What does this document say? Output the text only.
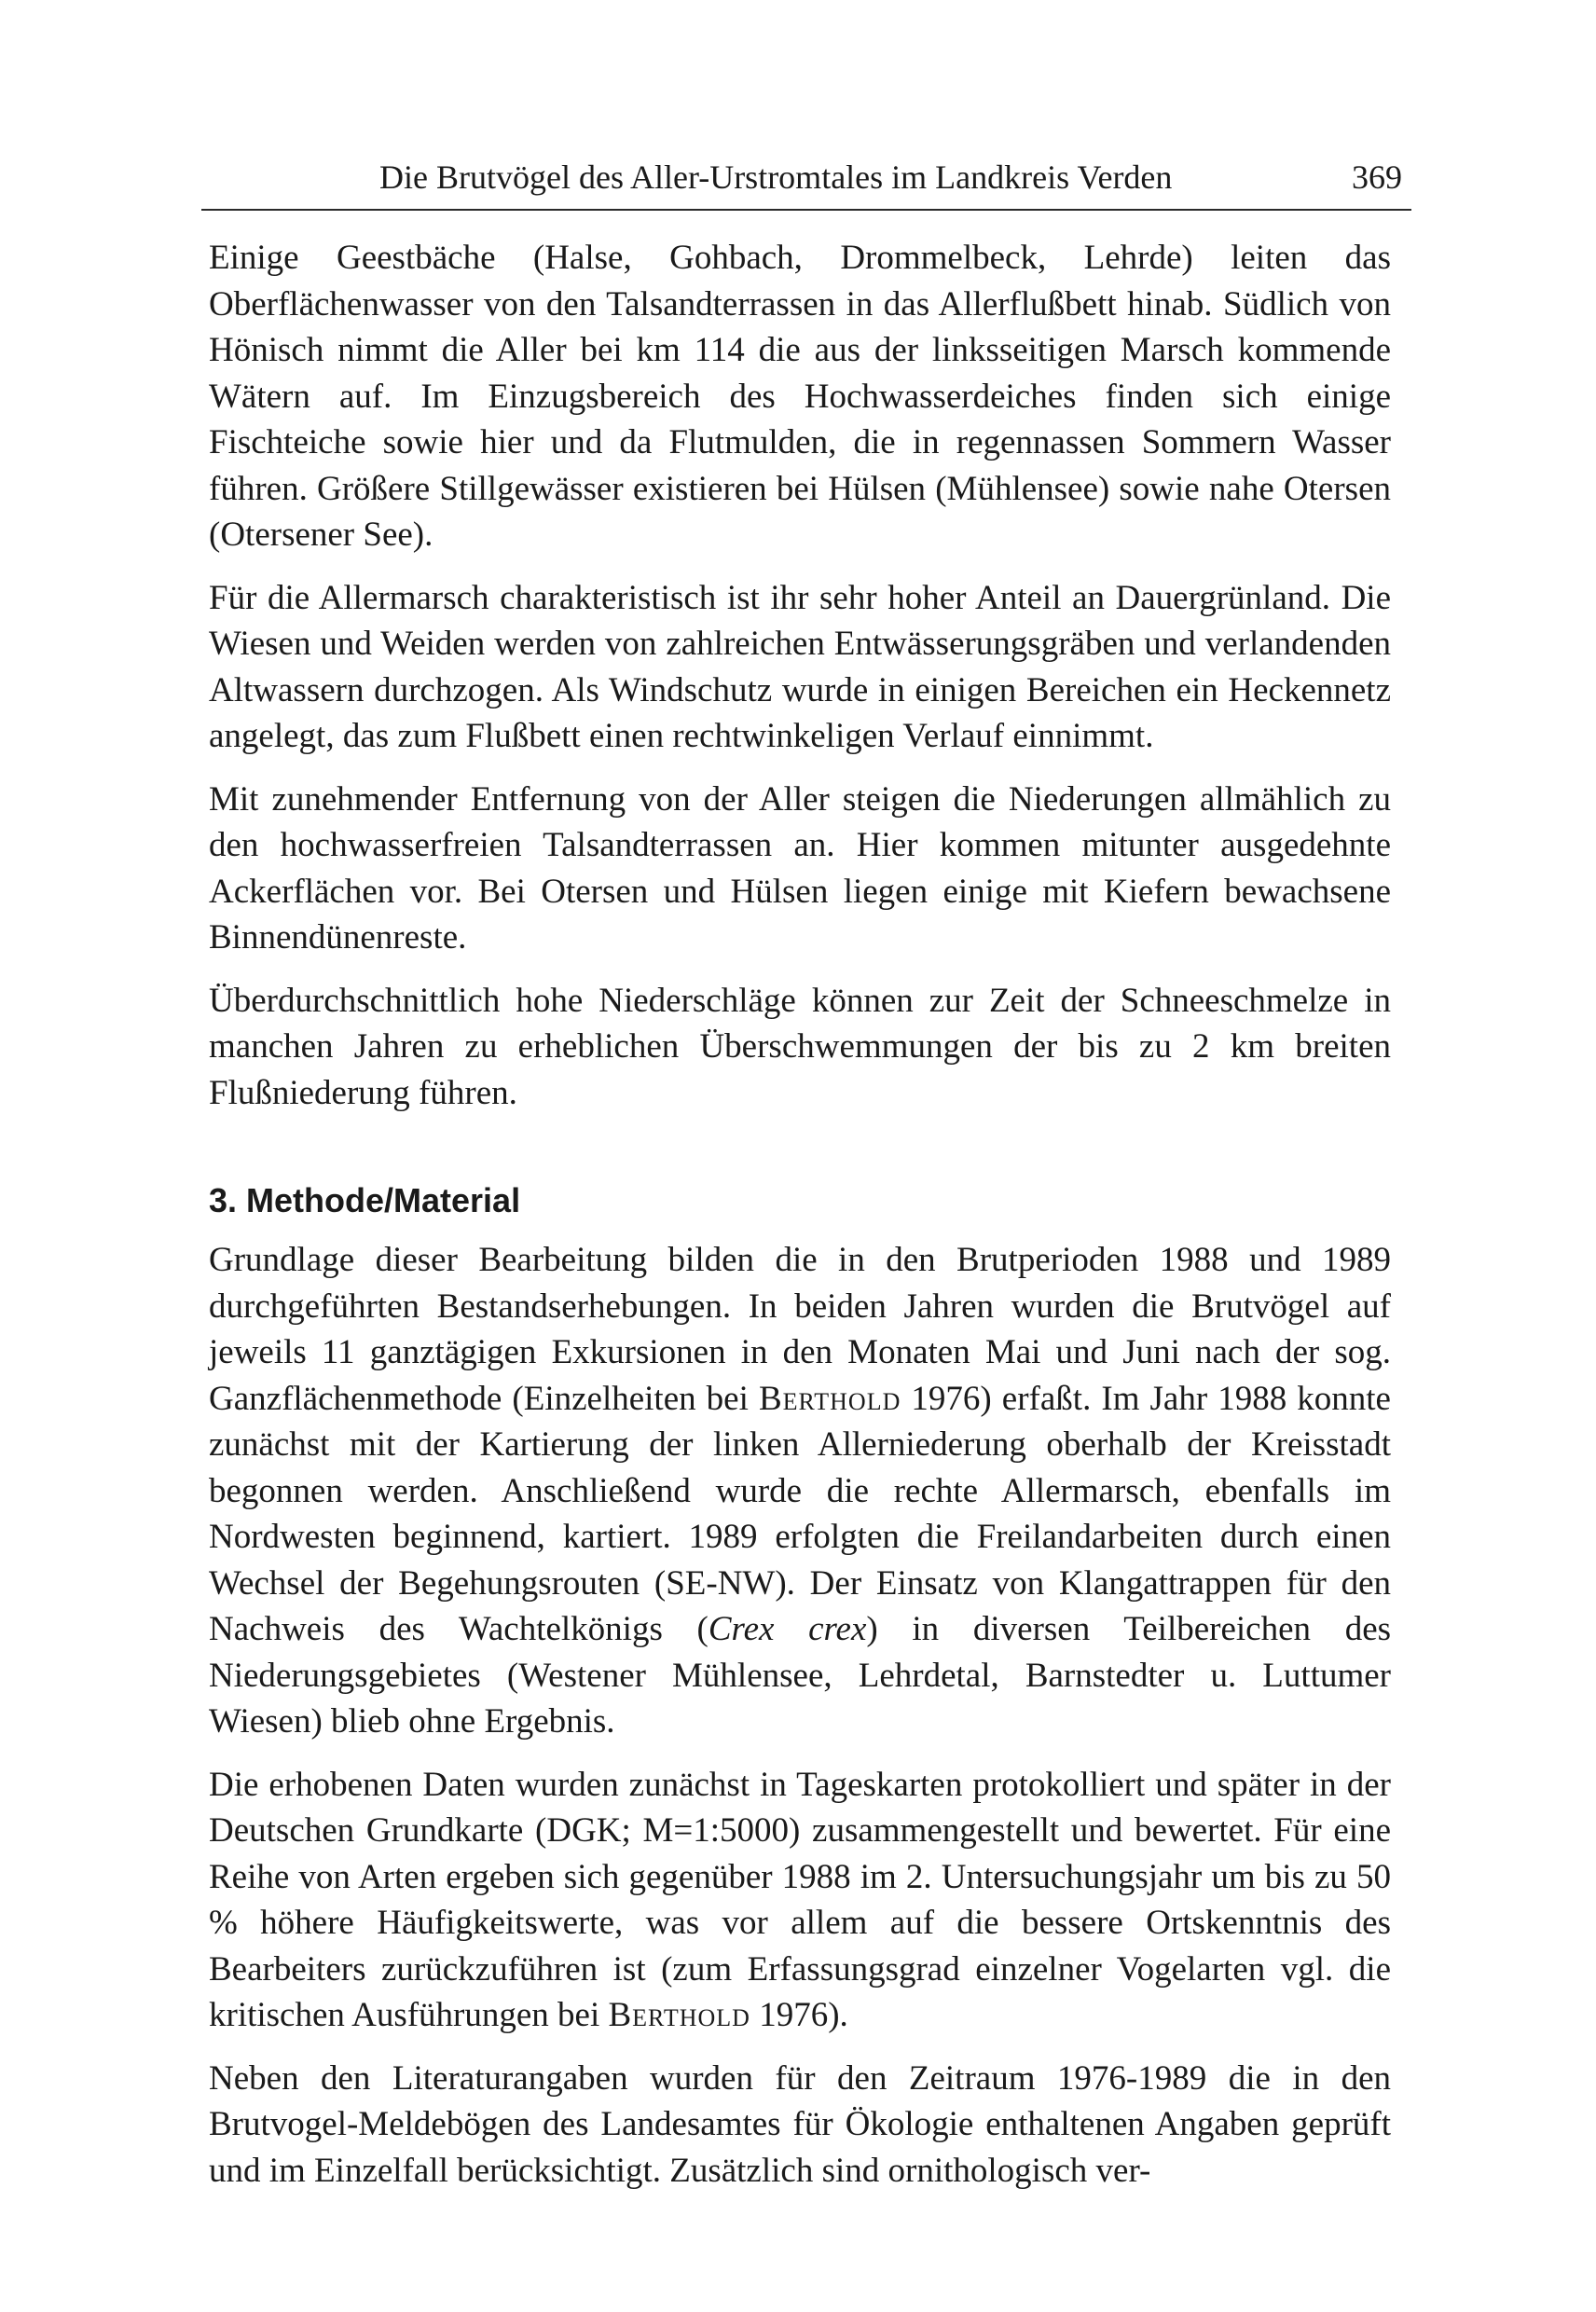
Die Brutvögel des Aller-Urstromtales im Landkreis Verden	369

Einige Geestbäche (Halse, Gohbach, Drommelbeck, Lehrde) leiten das Oberflächenwasser von den Talsandterrassen in das Allerflußbett hinab. Südlich von Hönisch nimmt die Aller bei km 114 die aus der linksseitigen Marsch kommende Wätern auf. Im Einzugsbereich des Hochwasserdeiches finden sich einige Fischteiche sowie hier und da Flutmulden, die in regennassen Sommern Wasser führen. Größere Stillgewässer existieren bei Hülsen (Mühlensee) sowie nahe Otersen (Otersener See).

Für die Allermarsch charakteristisch ist ihr sehr hoher Anteil an Dauergrünland. Die Wiesen und Weiden werden von zahlreichen Entwässerungsgräben und verlandenden Altwassern durchzogen. Als Windschutz wurde in einigen Bereichen ein Heckennetz angelegt, das zum Flußbett einen rechtwinkeligen Verlauf einnimmt.

Mit zunehmender Entfernung von der Aller steigen die Niederungen allmählich zu den hochwasserfreien Talsandterrassen an. Hier kommen mitunter ausgedehnte Ackerflächen vor. Bei Otersen und Hülsen liegen einige mit Kiefern bewachsene Binnendünenreste.

Überdurchschnittlich hohe Niederschläge können zur Zeit der Schneeschmelze in manchen Jahren zu erheblichen Überschwemmungen der bis zu 2 km breiten Flußniederung führen.

3. Methode/Material

Grundlage dieser Bearbeitung bilden die in den Brutperioden 1988 und 1989 durchgeführten Bestandserhebungen. In beiden Jahren wurden die Brutvögel auf jeweils 11 ganztägigen Exkursionen in den Monaten Mai und Juni nach der sog. Ganzflächenmethode (Einzelheiten bei Berthold 1976) erfaßt. Im Jahr 1988 konnte zunächst mit der Kartierung der linken Allerniederung oberhalb der Kreisstadt begonnen werden. Anschließend wurde die rechte Allermarsch, ebenfalls im Nordwesten beginnend, kartiert. 1989 erfolgten die Freilandarbeiten durch einen Wechsel der Begehungsrouten (SE-NW). Der Einsatz von Klangattrappen für den Nachweis des Wachtelkönigs (Crex crex) in diversen Teilbereichen des Niederungsgebietes (Westener Mühlensee, Lehrdetal, Barnstedter u. Luttumer Wiesen) blieb ohne Ergebnis.

Die erhobenen Daten wurden zunächst in Tageskarten protokolliert und später in der Deutschen Grundkarte (DGK; M=1:5000) zusammengestellt und bewertet. Für eine Reihe von Arten ergeben sich gegenüber 1988 im 2. Untersuchungsjahr um bis zu 50 % höhere Häufigkeitswerte, was vor allem auf die bessere Ortskenntnis des Bearbeiters zurückzuführen ist (zum Erfassungsgrad einzelner Vogelarten vgl. die kritischen Ausführungen bei Berthold 1976).

Neben den Literaturangaben wurden für den Zeitraum 1976-1989 die in den Brutvogel-Meldebögen des Landesamtes für Ökologie enthaltenen Angaben geprüft und im Einzelfall berücksichtigt. Zusätzlich sind ornithologisch ver-
